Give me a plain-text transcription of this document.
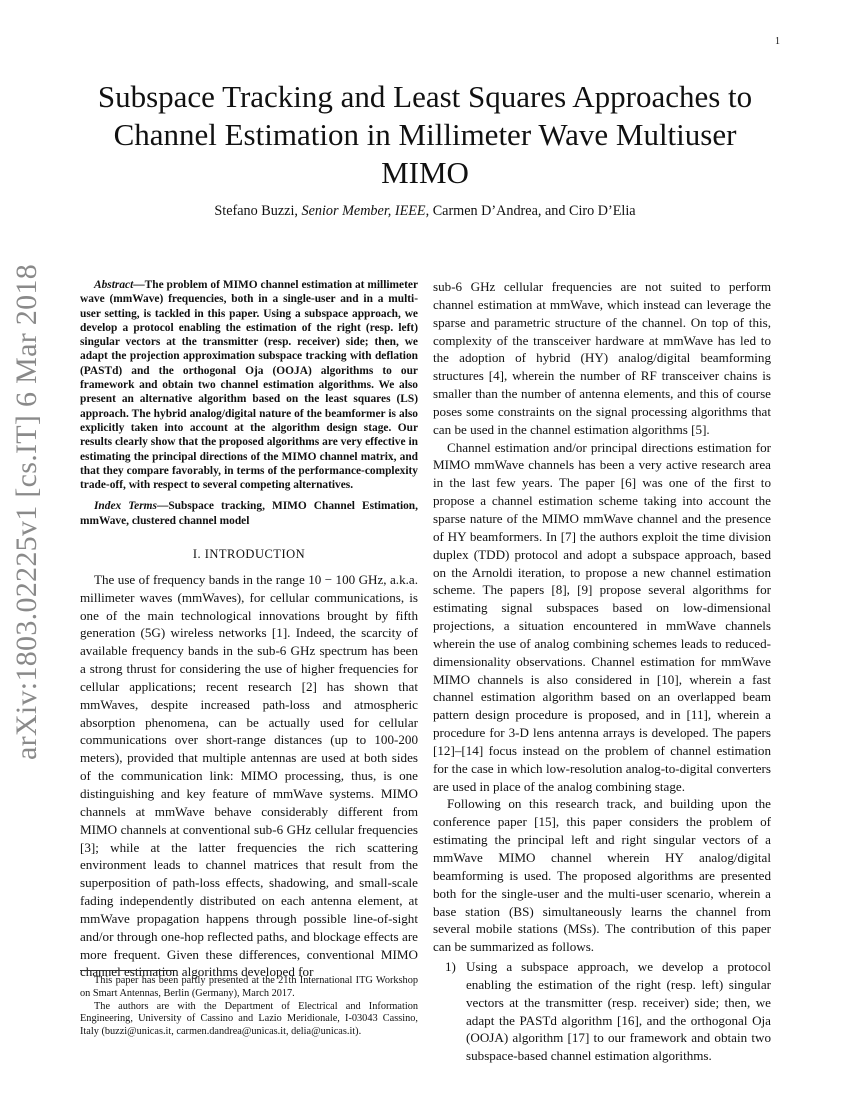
1
arXiv:1803.02225v1 [cs.IT] 6 Mar 2018
Subspace Tracking and Least Squares Approaches to Channel Estimation in Millimeter Wave Multiuser MIMO
Stefano Buzzi, Senior Member, IEEE, Carmen D’Andrea, and Ciro D’Elia

Abstract—The problem of MIMO channel estimation at millimeter wave (mmWave) frequencies, both in a single-user and in a multi-user setting, is tackled in this paper. Using a subspace approach, we develop a protocol enabling the estimation of the right (resp. left) singular vectors at the transmitter (resp. receiver) side; then, we adapt the projection approximation subspace tracking with deflation (PASTd) and the orthogonal Oja (OOJA) algorithms to our framework and obtain two channel estimation algorithms. We also present an alternative algorithm based on the least squares (LS) approach. The hybrid analog/digital nature of the beamformer is also explicitly taken into account at the algorithm design stage. Our results clearly show that the proposed algorithms are very effective in estimating the principal directions of the MIMO channel matrix, and that they compare favorably, in terms of the performance-complexity trade-off, with respect to several competing alternatives.

Index Terms—Subspace tracking, MIMO Channel Estimation, mmWave, clustered channel model

I. INTRODUCTION

The use of frequency bands in the range 10 − 100 GHz, a.k.a. millimeter waves (mmWaves), for cellular communications, is one of the main technological innovations brought by fifth generation (5G) wireless networks [1]. Indeed, the scarcity of available frequency bands in the sub-6 GHz spectrum has been a strong thrust for considering the use of higher frequencies for cellular applications; recent research [2] has shown that mmWaves, despite increased path-loss and atmospheric absorption phenomena, can be actually used for cellular communications over short-range distances (up to 100-200 meters), provided that multiple antennas are used at both sides of the communication link: MIMO processing, thus, is one distinguishing and key feature of mmWave systems. MIMO channels at mmWave behave considerably different from MIMO channels at conventional sub-6 GHz cellular frequencies [3]; while at the latter frequencies the rich scattering environment leads to channel matrices that result from the superposition of path-loss effects, shadowing, and small-scale fading independently distributed on each antenna element, at mmWave propagation happens through possible line-of-sight and/or through one-hop reflected paths, and blockage effects are more frequent. Given these differences, conventional MIMO channel estimation algorithms developed for

This paper has been partly presented at the 21th International ITG Workshop on Smart Antennas, Berlin (Germany), March 2017.

The authors are with the Department of Electrical and Information Engineering, University of Cassino and Lazio Meridionale, I-03043 Cassino, Italy (buzzi@unicas.it, carmen.dandrea@unicas.it, delia@unicas.it).

sub-6 GHz cellular frequencies are not suited to perform channel estimation at mmWave, which instead can leverage the sparse and parametric structure of the channel. On top of this, complexity of the transceiver hardware at mmWave has led to the adoption of hybrid (HY) analog/digital beamforming structures [4], wherein the number of RF transceiver chains is smaller than the number of antenna elements, and this of course poses some constraints on the signal processing algorithms that can be used in the channel estimation algorithms [5].

Channel estimation and/or principal directions estimation for MIMO mmWave channels has been a very active research area in the last few years. The paper [6] was one of the first to propose a channel estimation scheme taking into account the sparse nature of the MIMO mmWave channel and the presence of HY beamformers. In [7] the authors exploit the time division duplex (TDD) protocol and adopt a subspace approach, based on the Arnoldi iteration, to propose a new channel estimation scheme. The papers [8], [9] propose several algorithms for estimating signal subspaces based on low-dimensional projections, a situation encountered in mmWave channels wherein the use of analog combining schemes leads to reduced-dimensionality observations. Channel estimation for mmWave MIMO channels is also considered in [10], wherein a fast channel estimation algorithm based on an overlapped beam pattern design procedure is proposed, and in [11], wherein a procedure for 3-D lens antenna arrays is developed. The papers [12]–[14] focus instead on the problem of channel estimation for the case in which low-resolution analog-to-digital converters are used in place of the analog combining stage.

Following on this research track, and building upon the conference paper [15], this paper considers the problem of estimating the principal left and right singular vectors of a mmWave MIMO channel wherein HY analog/digital beamforming is used. The proposed algorithms are presented both for the single-user and the multi-user scenario, wherein a base station (BS) simultaneously learns the channel from several mobile stations (MSs). The contribution of this paper can be summarized as follows.

1) Using a subspace approach, we develop a protocol enabling the estimation of the right (resp. left) singular vectors at the transmitter (resp. receiver) side; then, we adapt the PASTd algorithm [16], and the orthogonal Oja (OOJA) algorithm [17] to our framework and obtain two subspace-based channel estimation algorithms.
